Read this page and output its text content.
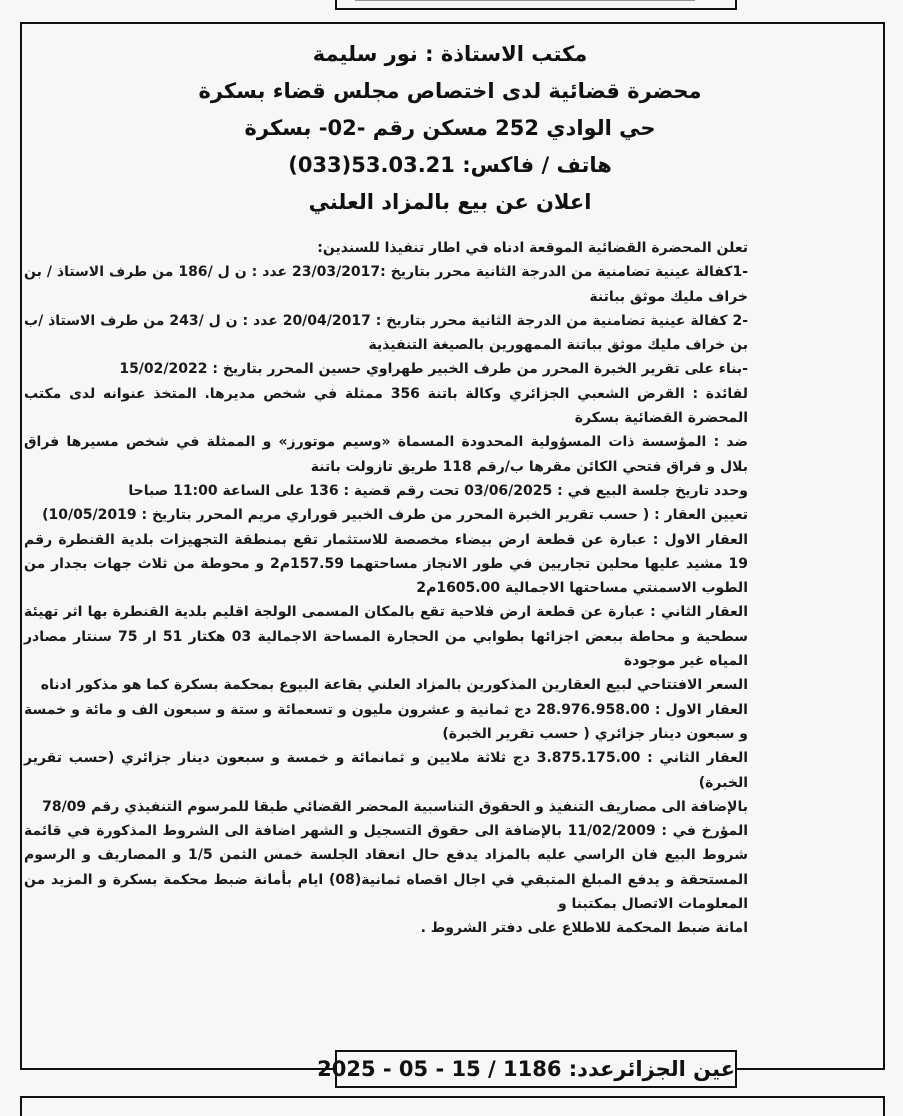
مكتب الاستاذة : نور سليمة
محضرة قضائية لدى اختصاص مجلس قضاء بسكرة
حي الوادي 252 مسكن رقم -02- بسكرة
هاتف / فاكس: 53.03.21(033)
اعلان عن بيع بالمزاد العلني

تعلن المحضرة القضائية الموقعة ادناه في اطار تنفيذا للسندين:

-1كفالة عينية تضامنية من الدرجة الثانية محرر بتاريخ :23/03/2017 عدد : ن ل /186 من طرف الاستاذ / بن خراف مليك موثق بباتنة

-2 كفالة عينية تضامنية من الدرجة الثانية محرر بتاريخ : 20/04/2017 عدد : ن ل /243 من طرف الاستاذ /ب بن خراف مليك موثق بباتنة الممهورين بالصيغة التنفيذية

-بناء على تقرير الخبرة المحرر من طرف الخبير طهراوي حسين المحرر بتاريخ : 15/02/2022

لفائدة : القرض الشعبي الجزائري وكالة باتنة 356 ممثلة في شخص مديرها. المتخذ عنوانه لدى مكتب المحضرة القضائية بسكرة

ضد : المؤسسة ذات المسؤولية المحدودة المسماة «وسيم موتورز» و الممثلة في شخص مسيرها فراق بلال و فراق فتحي الكائن مقرها ب/رقم 118 طريق تازولت باتنة

وحدد تاريخ جلسة البيع في : 03/06/2025 تحت رقم قضية : 136 على الساعة 11:00 صباحا

تعيين العقار : ( حسب تقرير الخبرة المحرر من طرف الخبير قوراري مريم المحرر بتاريخ : 10/05/2019)

العقار الاول : عبارة عن قطعة ارض بيضاء مخصصة للاستثمار تقع بمنطقة التجهيزات بلدية القنطرة رقم 19 مشيد عليها محلين تجاريين في طور الانجاز مساحتهما 157.59م2 و محوطة من ثلاث جهات بجدار من الطوب الاسمنتي مساحتها الاجمالية 1605.00م2

العقار الثاني : عبارة عن قطعة ارض فلاحية تقع بالمكان المسمى الولجة اقليم بلدية القنطرة بها اثر تهيئة سطحية و محاطة ببعض اجزائها بطوابي من الحجارة المساحة الاجمالية 03 هكتار 51 ار 75 سنتار مصادر المياه غير موجودة

السعر الافتتاحي لبيع العقارين المذكورين بالمزاد العلني بقاعة البيوع بمحكمة بسكرة كما هو مذكور ادناه

العقار الاول : 28.976.958.00 دج ثمانية و عشرون مليون و تسعمائة و ستة و سبعون الف و مائة و خمسة و سبعون دينار جزائري ( حسب تقرير الخبرة)

العقار الثاني : 3.875.175.00 دج ثلاثة ملايين و ثمانمائة و خمسة و سبعون دينار جزائري (حسب تقرير الخبرة)

بالإضافة الى مصاريف التنفيذ و الحقوق التناسبية المحضر القضائي طبقا للمرسوم التنفيذي رقم 78/09

المؤرخ في : 11/02/2009 بالإضافة الى حقوق التسجيل و الشهر اضافة الى الشروط المذكورة في قائمة شروط البيع فان الراسي عليه بالمزاد يدفع حال انعقاد الجلسة خمس الثمن 1/5 و المصاريف و الرسوم المستحقة و يدفع المبلغ المتبقي في اجال اقصاه ثمانية(08) ايام بأمانة ضبط محكمة بسكرة و المزيد من المعلومات الاتصال بمكتبنا و

امانة ضبط المحكمة للاطلاع على دفتر الشروط .

عين الجزائرعدد: 1186 / 15 - 05 - 2025
